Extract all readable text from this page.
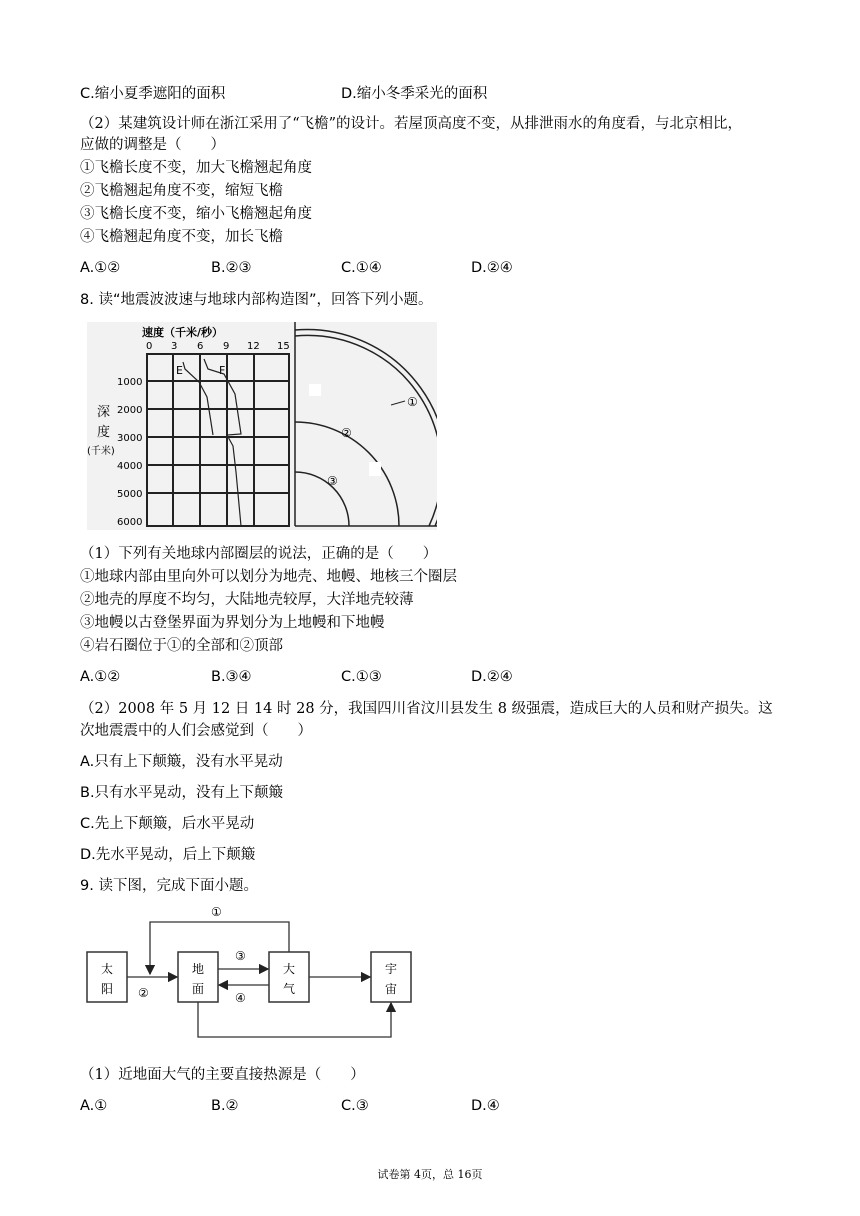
C.缩小夏季遮阳的面积	D.缩小冬季采光的面积
（2）某建筑设计师在浙江采用了“飞檐”的设计。若屋顶高度不变，从排泄雨水的角度看，与北京相比，
应做的调整是（　　）
①飞檐长度不变，加大飞檐翘起角度
②飞檐翘起角度不变，缩短飞檐
③飞檐长度不变，缩小飞檐翘起角度
④飞檐翘起角度不变，加长飞檐
A.①②	B.②③	C.①④	D.②④
8. 读“地震波波速与地球内部构造图”，回答下列小题。
速度（千米/秒）
0 3 6 9 12 15
1000
2000
3000
4000
5000
6000
深
度
(千米)
E	F
①
②
③
（1）下列有关地球内部圈层的说法，正确的是（　　）
①地球内部由里向外可以划分为地壳、地幔、地核三个圈层
②地壳的厚度不均匀，大陆地壳较厚，大洋地壳较薄
③地幔以古登堡界面为界划分为上地幔和下地幔
④岩石圈位于①的全部和②顶部
A.①②	B.③④	C.①③	D.②④
（2）2008 年 5 月 12 日 14 时 28 分，我国四川省汶川县发生 8 级强震，造成巨大的人员和财产损失。这
次地震震中的人们会感觉到（　　）
A.只有上下颠簸，没有水平晃动
B.只有水平晃动，没有上下颠簸
C.先上下颠簸，后水平晃动
D.先水平晃动，后上下颠簸
9. 读下图，完成下面小题。
太
阳
地
面
大
气
宇
宙
①
②
③
④
（1）近地面大气的主要直接热源是（　　）
A.①	B.②	C.③	D.④
试卷第 4页，总 16页
